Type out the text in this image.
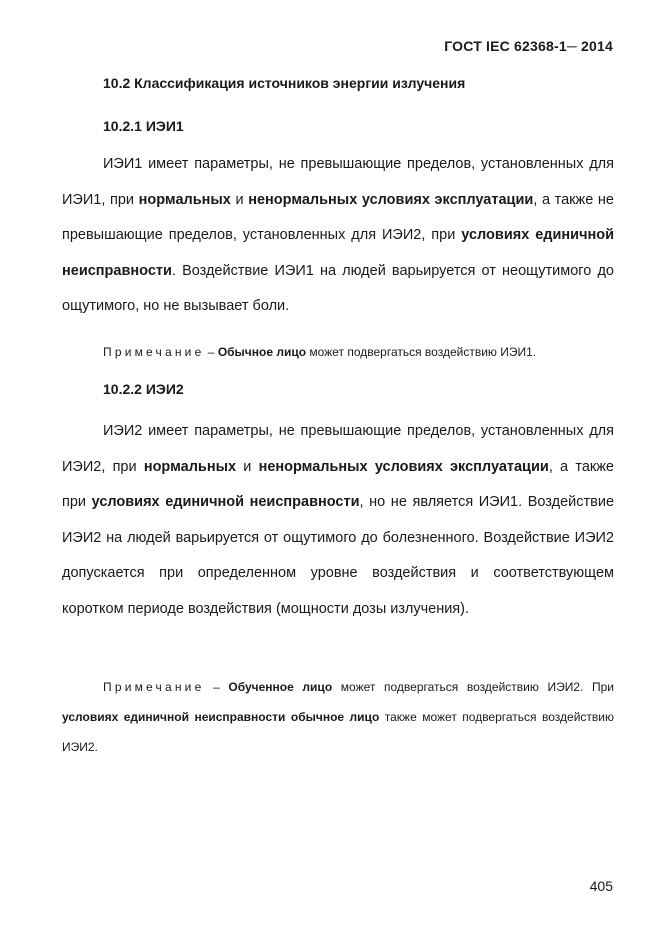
ГОСТ IEC 62368-1─ 2014
10.2 Классификация источников энергии излучения
10.2.1 ИЭИ1
ИЭИ1 имеет параметры, не превышающие пределов, установленных для ИЭИ1, при нормальных и ненормальных условиях эксплуатации, а также не превышающие пределов, установленных для ИЭИ2, при условиях единичной неисправности. Воздействие ИЭИ1 на людей варьируется от неощутимого до ощутимого, но не вызывает боли.
Примечание – Обычное лицо может подвергаться воздействию ИЭИ1.
10.2.2 ИЭИ2
ИЭИ2 имеет параметры, не превышающие пределов, установленных для ИЭИ2, при нормальных и ненормальных условиях эксплуатации, а также при условиях единичной неисправности, но не является ИЭИ1. Воздействие ИЭИ2 на людей варьируется от ощутимого до болезненного. Воздействие ИЭИ2 допускается при определенном уровне воздействия и соответствующем коротком периоде воздействия (мощности дозы излучения).
Примечание – Обученное лицо может подвергаться воздействию ИЭИ2. При условиях единичной неисправности обычное лицо также может подвергаться воздействию ИЭИ2.
405
